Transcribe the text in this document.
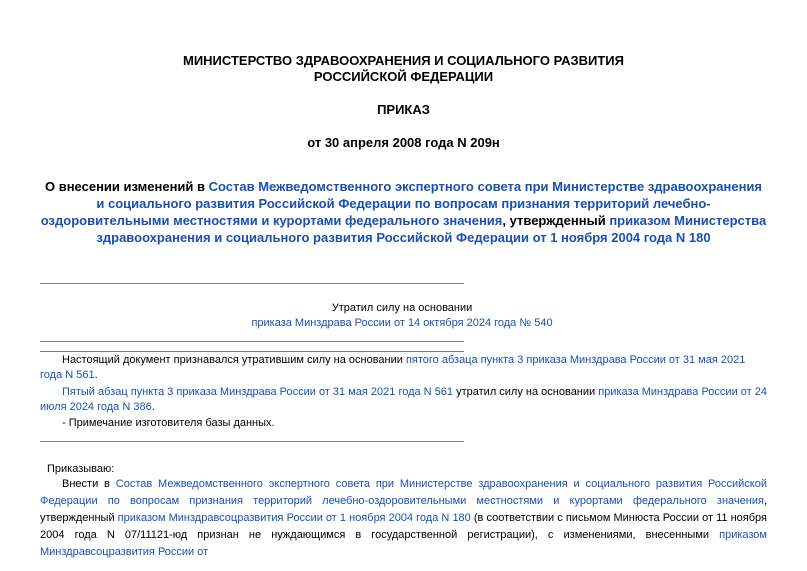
МИНИСТЕРСТВО ЗДРАВООХРАНЕНИЯ И СОЦИАЛЬНОГО РАЗВИТИЯ
РОССИЙСКОЙ ФЕДЕРАЦИИ
ПРИКАЗ
от 30 апреля 2008 года N 209н
О внесении изменений в Состав Межведомственного экспертного совета при Министерстве здравоохранения и социального развития Российской Федерации по вопросам признания территорий лечебно-оздоровительными местностями и курортами федерального значения, утвержденный приказом Министерства здравоохранения и социального развития Российской Федерации от 1 ноября 2004 года N 180
Утратил силу на основании
приказа Минздрава России от 14 октября 2024 года № 540
Настоящий документ признавался утратившим силу на основании пятого абзаца пункта 3 приказа Минздрава России от 31 мая 2021 года N 561.
Пятый абзац пункта 3 приказа Минздрава России от 31 мая 2021 года N 561 утратил силу на основании приказа Минздрава России от 24 июля 2024 года N 386.
- Примечание изготовителя базы данных.
Приказываю:
Внести в Состав Межведомственного экспертного совета при Министерстве здравоохранения и социального развития Российской Федерации по вопросам признания территорий лечебно-оздоровительными местностями и курортами федерального значения, утвержденный приказом Минздравсоцразвития России от 1 ноября 2004 года N 180 (в соответствии с письмом Минюста России от 11 ноября 2004 года N 07/11121-юд признан не нуждающимся в государственной регистрации), с изменениями, внесенными приказом Минздравсоцразвития России от
